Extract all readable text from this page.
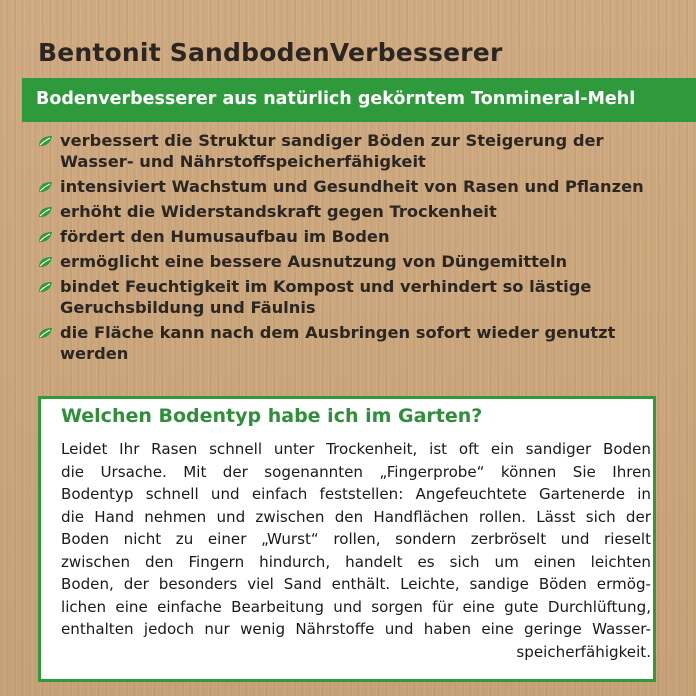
Bentonit SandbodenVerbesserer
Bodenverbesserer aus natürlich gekörntem Tonmineral-Mehl
verbessert die Struktur sandiger Böden zur Steigerung der
Wasser- und Nährstoffspeicherfähigkeit
intensiviert Wachstum und Gesundheit von Rasen und Pflanzen
erhöht die Widerstandskraft gegen Trockenheit
fördert den Humusaufbau im Boden
ermöglicht eine bessere Ausnutzung von Düngemitteln
bindet Feuchtigkeit im Kompost und verhindert so lästige
Geruchsbildung und Fäulnis
die Fläche kann nach dem Ausbringen sofort wieder genutzt
werden
Welchen Bodentyp habe ich im Garten?
Leidet Ihr Rasen schnell unter Trockenheit, ist oft ein sandiger Boden
die Ursache. Mit der sogenannten „Fingerprobe“ können Sie Ihren
Bodentyp schnell und einfach feststellen: Angefeuchtete Gartenerde in
die Hand nehmen und zwischen den Handflächen rollen. Lässt sich der
Boden nicht zu einer „Wurst“ rollen, sondern zerbröselt und rieselt
zwischen den Fingern hindurch, handelt es sich um einen leichten
Boden, der besonders viel Sand enthält. Leichte, sandige Böden ermög-
lichen eine einfache Bearbeitung und sorgen für eine gute Durchlüftung,
enthalten jedoch nur wenig Nährstoffe und haben eine geringe Wasser-
speicherfähigkeit.
